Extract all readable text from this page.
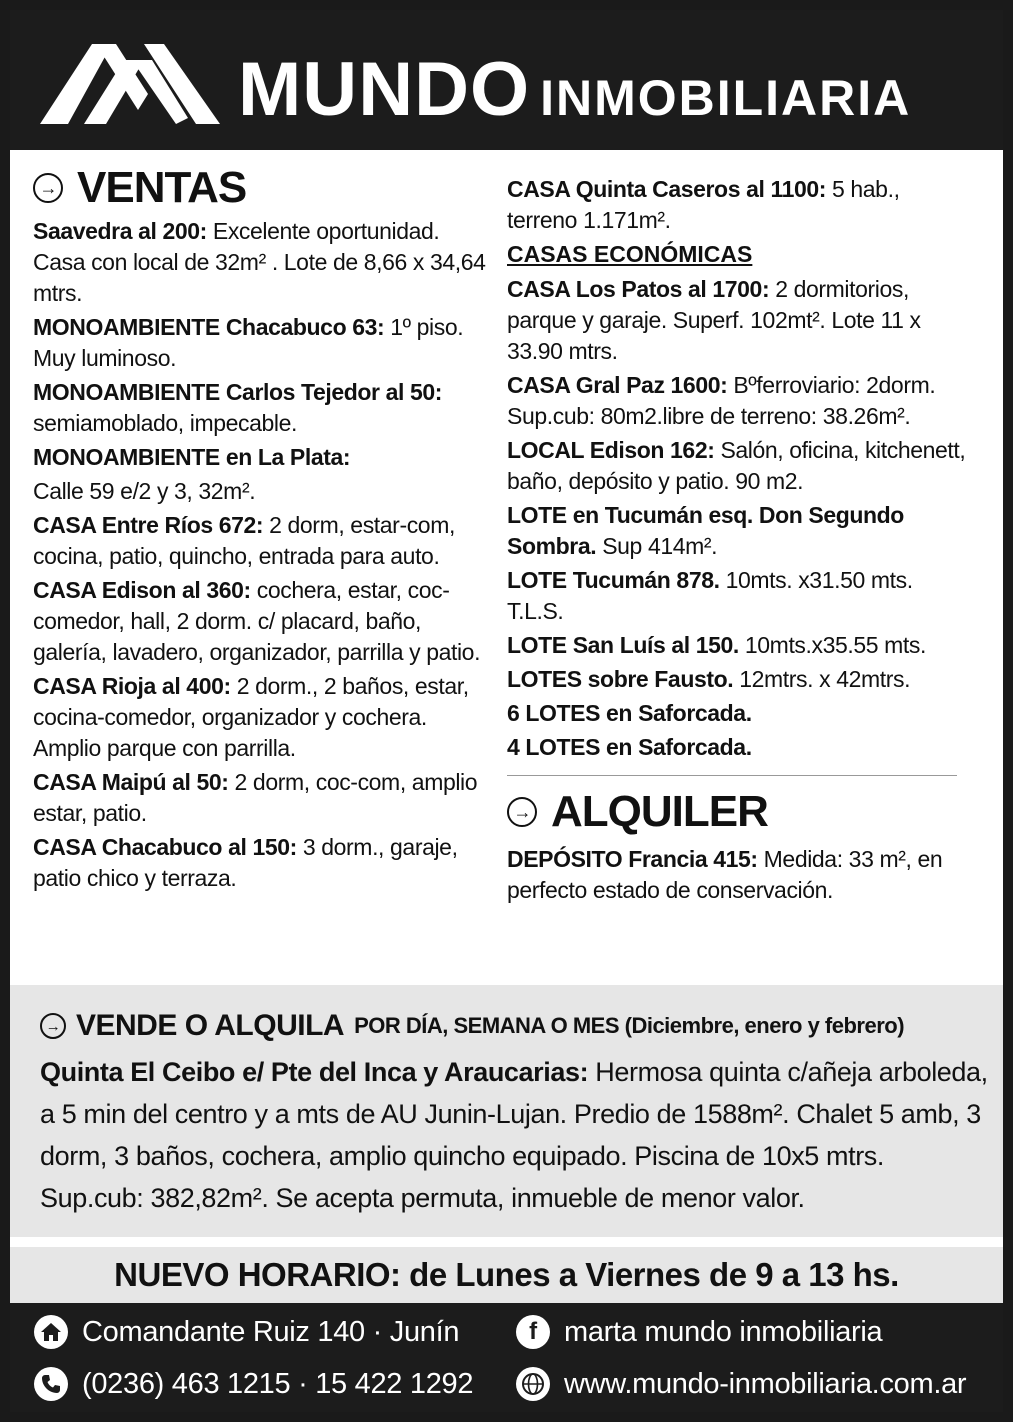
MUNDO INMOBILIARIA
→ VENTAS
Saavedra al 200: Excelente oportunidad. Casa con local de 32m² . Lote de 8,66 x 34,64 mtrs.
MONOAMBIENTE Chacabuco 63: 1º piso. Muy luminoso.
MONOAMBIENTE Carlos Tejedor al 50: semiamoblado, impecable.
MONOAMBIENTE en La Plata:
Calle 59 e/2 y 3, 32m².
CASA Entre Ríos 672: 2 dorm, estar-com, cocina, patio, quincho, entrada para auto.
CASA Edison al 360: cochera, estar, coc-comedor, hall, 2 dorm. c/ placard, baño, galería, lavadero, organizador, parrilla y patio.
CASA Rioja al 400: 2 dorm., 2 baños, estar, cocina-comedor, organizador y cochera. Amplio parque con parrilla.
CASA Maipú al 50: 2 dorm, coc-com, amplio estar, patio.
CASA Chacabuco al 150: 3 dorm., garaje, patio chico y terraza.
CASA Quinta Caseros al 1100: 5 hab., terreno 1.171m².
CASAS ECONÓMICAS
CASA Los Patos al 1700: 2 dormitorios, parque y garaje. Superf. 102mt². Lote 11 x 33.90 mtrs.
CASA Gral Paz 1600: Bºferroviario: 2dorm. Sup.cub: 80m2.libre de terreno: 38.26m².
LOCAL Edison 162: Salón, oficina, kitchenett, baño, depósito y patio. 90 m2.
LOTE en Tucumán esq. Don Segundo Sombra. Sup 414m².
LOTE Tucumán 878. 10mts. x31.50 mts. T.L.S.
LOTE San Luís al 150. 10mts.x35.55 mts.
LOTES sobre Fausto. 12mtrs. x 42mtrs.
6 LOTES en Saforcada.
4 LOTES en Saforcada.
→ ALQUILER
DEPÓSITO Francia 415: Medida: 33 m², en perfecto estado de conservación.
→ VENDE O ALQUILA POR DÍA, SEMANA O MES (Diciembre, enero y febrero)
Quinta El Ceibo e/ Pte del Inca y Araucarias: Hermosa quinta c/añeja arboleda, a 5 min del centro y a mts de AU Junin-Lujan. Predio de 1588m². Chalet 5 amb, 3 dorm, 3 baños, cochera, amplio quincho equipado. Piscina de 10x5 mtrs. Sup.cub: 382,82m². Se acepta permuta, inmueble de menor valor.
NUEVO HORARIO: de Lunes a Viernes de 9 a 13 hs.
Comandante Ruiz 140 · Junín
(0236) 463 1215 · 15 422 1292
f marta mundo inmobiliaria
www.mundo-inmobiliaria.com.ar
